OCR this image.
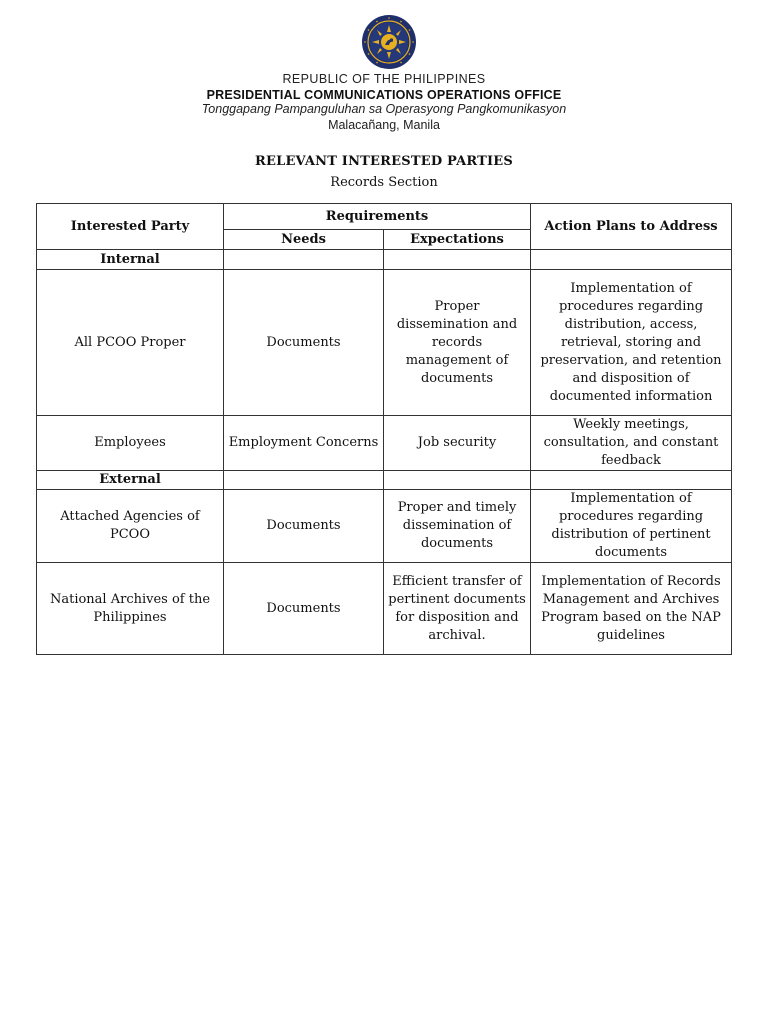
REPUBLIC OF THE PHILIPPINES
PRESIDENTIAL COMMUNICATIONS OPERATIONS OFFICE
Tonggapang Pampanguluhan sa Operasyong Pangkomunikasyon
Malacañang, Manila
RELEVANT INTERESTED PARTIES
Records Section
Interested Party	Requirements		Action Plans to Address
	Needs	Expectations	
Internal			
All PCOO Proper	Documents	Proper dissemination and records management of documents	Implementation of procedures regarding distribution, access, retrieval, storing and preservation, and retention and disposition of documented information
Employees	Employment Concerns	Job security	Weekly meetings, consultation, and constant feedback
External			
Attached Agencies of PCOO	Documents	Proper and timely dissemination of documents	Implementation of procedures regarding distribution of pertinent documents
National Archives of the Philippines	Documents	Efficient transfer of pertinent documents for disposition and archival.	Implementation of Records Management and Archives Program based on the NAP guidelines
